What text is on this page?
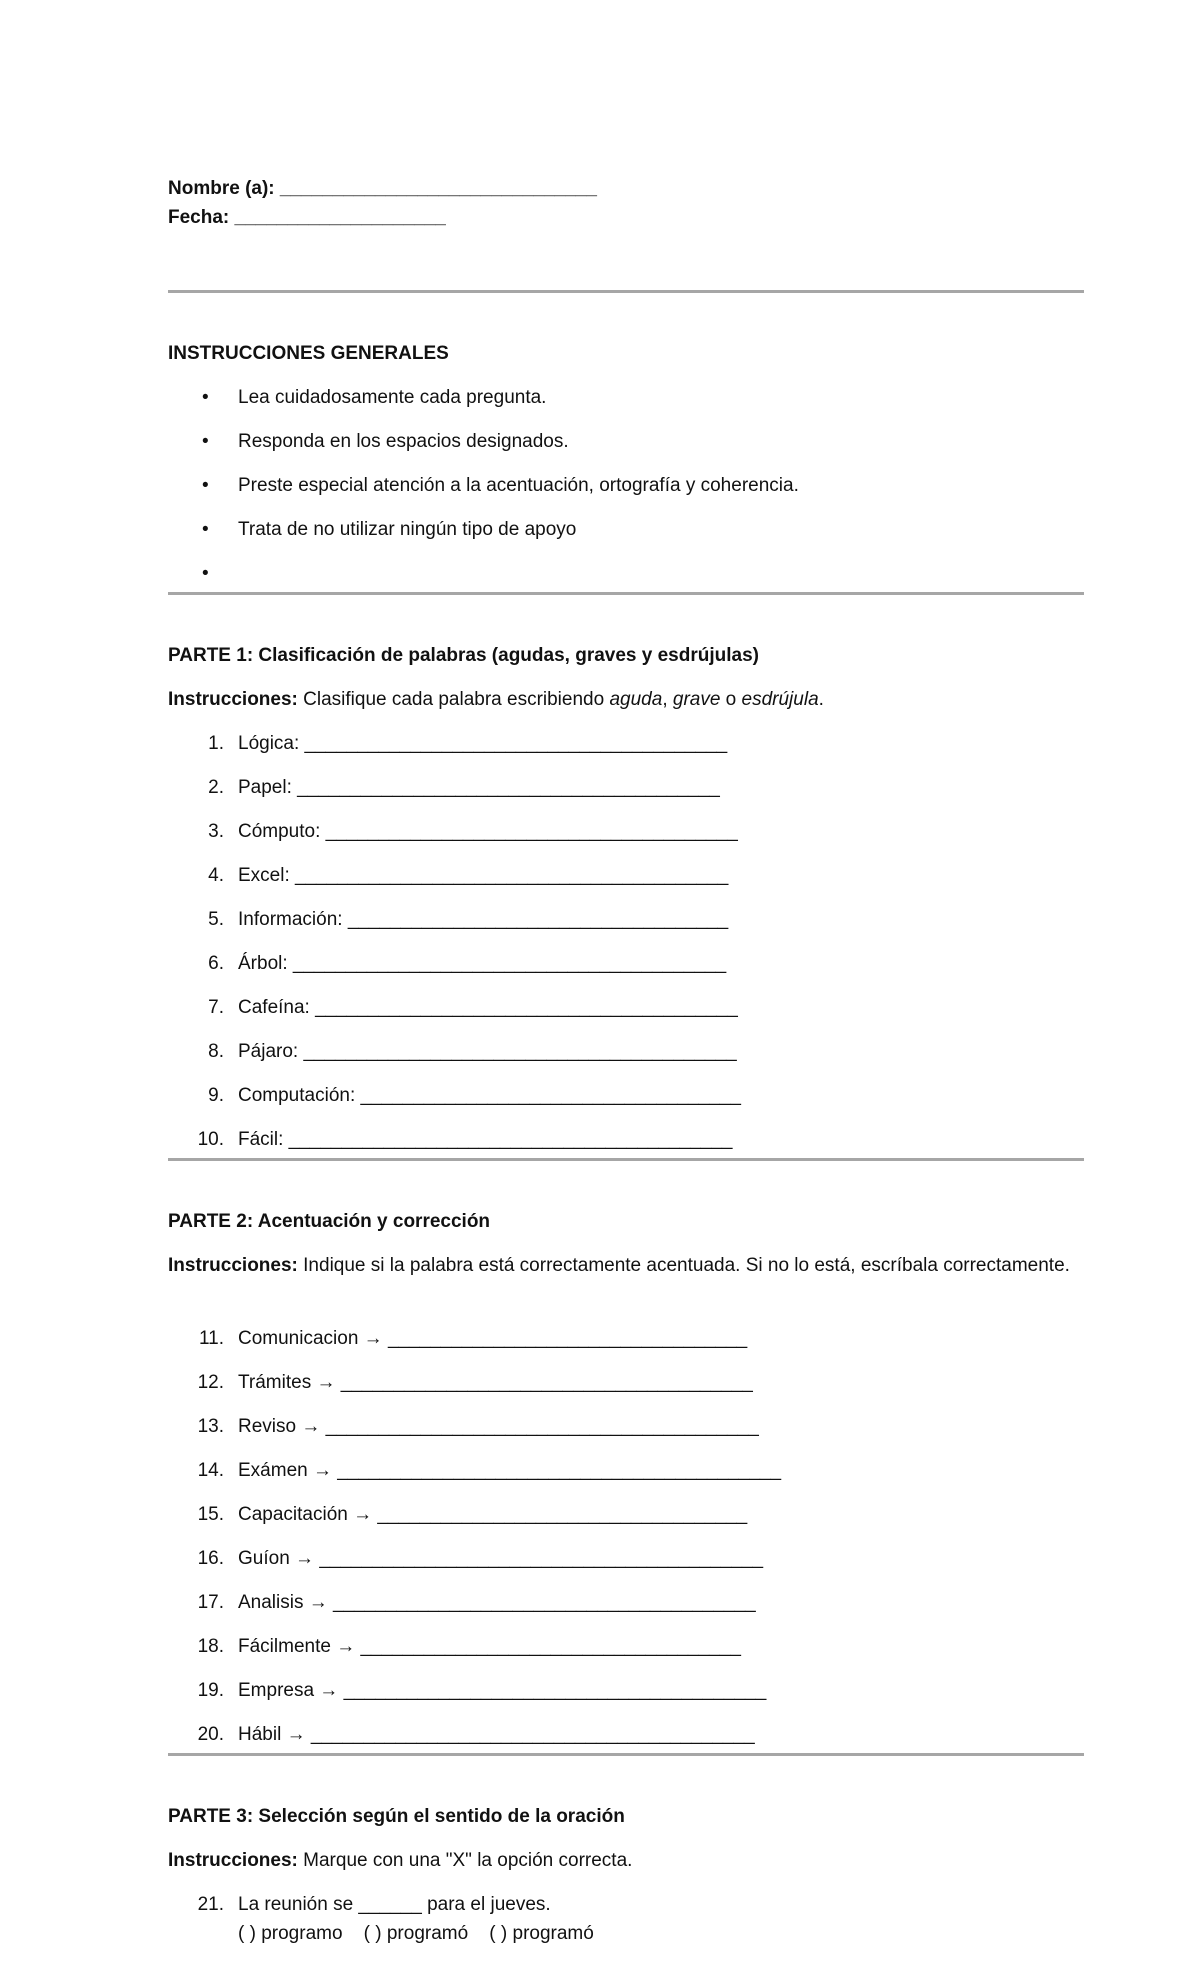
Nombre (a): ______________________________
Fecha: ____________________

INSTRUCCIONES GENERALES

• Lea cuidadosamente cada pregunta.
• Responda en los espacios designados.
• Preste especial atención a la acentuación, ortografía y coherencia.
• Trata de no utilizar ningún tipo de apoyo
•

PARTE 1: Clasificación de palabras (agudas, graves y esdrújulas)

Instrucciones: Clasifique cada palabra escribiendo aguda, grave o esdrújula.

1. Lógica: ________________________________________
2. Papel: ________________________________________
3. Cómputo: _______________________________________
4. Excel: _________________________________________
5. Información: ____________________________________
6. Árbol: _________________________________________
7. Cafeína: ________________________________________
8. Pájaro: _________________________________________
9. Computación: ____________________________________
10. Fácil: __________________________________________

PARTE 2: Acentuación y corrección

Instrucciones: Indique si la palabra está correctamente acentuada. Si no lo está, escríbala correctamente.

11. Comunicacion → __________________________________
12. Trámites → _______________________________________
13. Reviso → _________________________________________
14. Exámen → __________________________________________
15. Capacitación → ___________________________________
16. Guíon → __________________________________________
17. Analisis → ________________________________________
18. Fácilmente → ____________________________________
19. Empresa → ________________________________________
20. Hábil → __________________________________________

PARTE 3: Selección según el sentido de la oración

Instrucciones: Marque con una "X" la opción correcta.

21. La reunión se ______ para el jueves.
( ) programo    ( ) programó    ( ) programó
